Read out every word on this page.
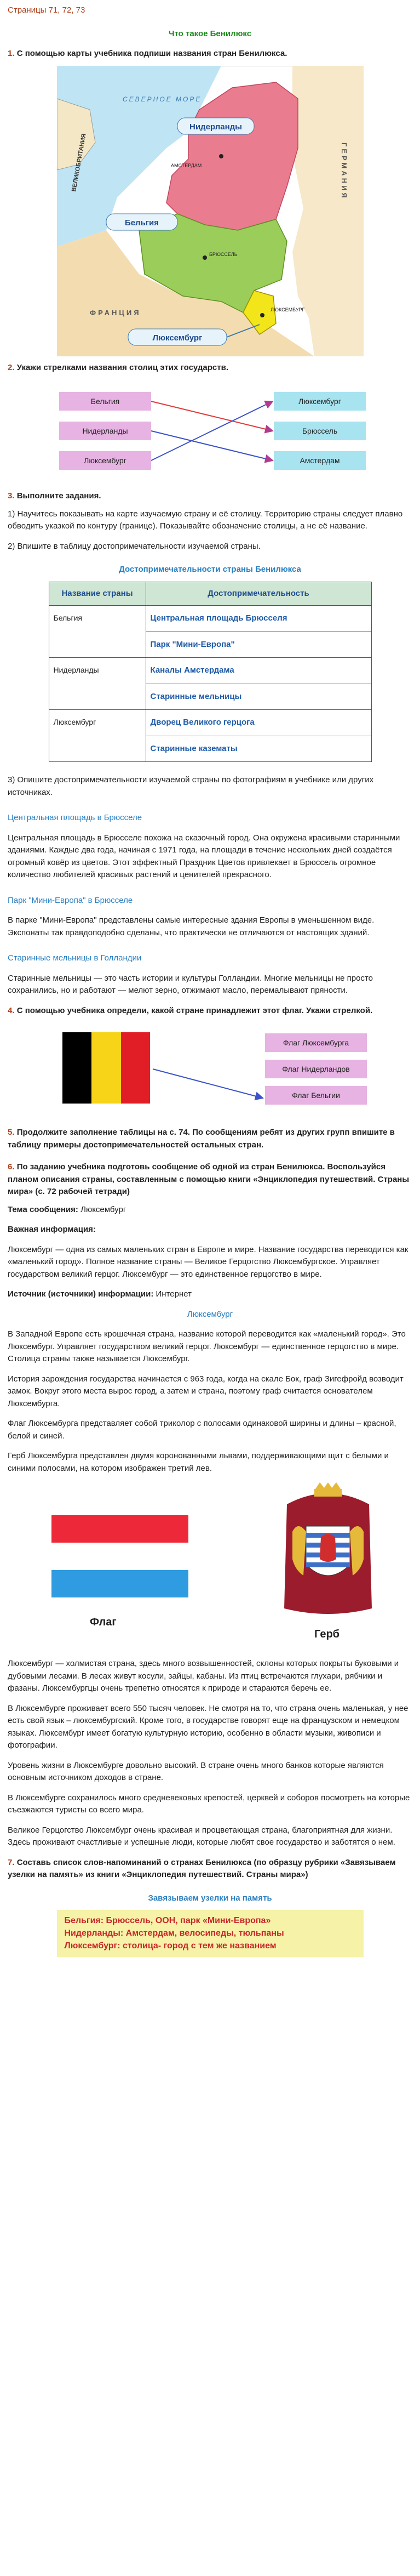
Страницы 71, 72, 73
Что такое Бенилюкс
1. С помощью карты учебника подпиши названия стран Бенилюкса.
СЕВЕРНОЕ МОРЕ
ВЕЛИКОБРИТАНИЯ	ГЕРМАНИЯ
ФРАНЦИЯ
АМСТЕРДАМ
БРЮССЕЛЬ
ЛЮКСЕМБУРГ
Нидерланды
Бельгия
Люксембург
2. Укажи стрелками названия столиц этих государств.
Бельгия
Нидерланды
Люксембург
Люксембург
Брюссель
Амстердам
3. Выполните задания.

1) Научитесь показывать на карте изучаемую страну и её столицу. Территорию страны следует плавно обводить указкой по контуру (границе). Показывайте обозначение столицы, а не её название.

2) Впишите в таблицу достопримечательности изучаемой страны.

Достопримечательности страны Бенилюкса
Название страны	Достопримечательность
Бельгия	Центральная площадь Брюсселя
	Парк "Мини-Европа"
Нидерланды	Каналы Амстердама
	Старинные мельницы
Люксембург	Дворец Великого герцога
	Старинные казематы

3) Опишите достопримечательности изучаемой страны по фотографиям в учебнике или других источниках.

Центральная площадь в Брюсселе

Центральная площадь в Брюсселе похожа на сказочный город. Она окружена красивыми старинными зданиями. Каждые два года, начиная с 1971 года, на площади в течение нескольких дней создаётся огромный ковёр из цветов. Этот эффектный Праздник Цветов привлекает в Брюссель огромное количество любителей красивых растений и ценителей прекрасного.

Парк "Мини-Европа" в Брюсселе

В парке "Мини-Европа" представлены самые интересные здания Европы в уменьшенном виде. Экспонаты так правдоподобно сделаны, что практически не отличаются от настоящих зданий.

Старинные мельницы в Голландии

Старинные мельницы — это часть истории и культуры Голландии. Многие мельницы не просто сохранились, но и работают — мелют зерно, отжимают масло, перемалывают пряности.

4. С помощью учебника определи, какой стране принадлежит этот флаг. Укажи стрелкой.
Флаг Люксембурга
Флаг Нидерландов
Флаг Бельгии
5. Продолжите заполнение таблицы на с. 74. По сообщениям ребят из других групп впишите в таблицу примеры достопримечательностей остальных стран.
6. По заданию учебника подготовь сообщение об одной из стран Бенилюкса. Воспользуйся планом описания страны, составленным с помощью книги «Энциклопедия путешествий. Страны мира» (с. 72 рабочей тетради)

Тема сообщения: Люксембург

Важная информация:

Люксембург — одна из самых маленьких стран в Европе и мире. Название государства переводится как «маленький город». Полное название страны — Великое Герцогство Люксембургское. Управляет государством великий герцог. Люксембург — это единственное герцогство в мире.

Источник (источники) информации: Интернет

Люксембург

В Западной Европе есть крошечная страна, название которой переводится как «маленький город». Это Люксембург. Управляет государством великий герцог. Люксембург — единственное герцогство в мире. Столица страны также называется Люксембург.

История зарождения государства начинается с 963 года, когда на скале Бок, граф Зигефройд возводит замок. Вокруг этого места вырос город, а затем и страна, поэтому граф считается основателем Люксембурга.

Флаг Люксембурга представляет собой триколор с полосами одинаковой ширины и длины – красной, белой и синей.

Герб Люксембурга представлен двумя коронованными львами, поддерживающими щит с белыми и синими полосами, на котором изображен третий лев.

Флаг
Герб

Люксембург — холмистая страна, здесь много возвышенностей, склоны которых покрыты буковыми и дубовыми лесами. В лесах живут косули, зайцы, кабаны. Из птиц встречаются глухари, рябчики и фазаны. Люксембургцы очень трепетно относятся к природе и стараются беречь ее.

В Люксембурге проживает всего 550 тысяч человек. Не смотря на то, что страна очень маленькая, у нее есть свой язык – люксембургский. Кроме того, в государстве говорят еще на французском и немецком языках. Люксембург имеет богатую культурную историю, особенно в области музыки, живописи и фотографии.

Уровень жизни в Люксембурге довольно высокий. В стране очень много банков которые являются основным источником доходов в стране.

В Люксембурге сохранилось много средневековых крепостей, церквей и соборов посмотреть на которые съезжаются туристы со всего мира.

Великое Герцогство Люксембург очень красивая и процветающая страна, благоприятная для жизни. Здесь проживают счастливые и успешные люди, которые любят свое государство и заботятся о нем.

7. Составь список слов-напоминаний о странах Бенилюкса (по образцу рубрики «Завязываем узелки на память» из книги «Энциклопедия путешествий. Страны мира»)
Завязываем узелки на память
Бельгия: Брюссель, ООН, парк «Мини-Европа»
Нидерланды: Амстердам, велосипеды, тюльпаны
Люксембург: столица- город с тем же названием
